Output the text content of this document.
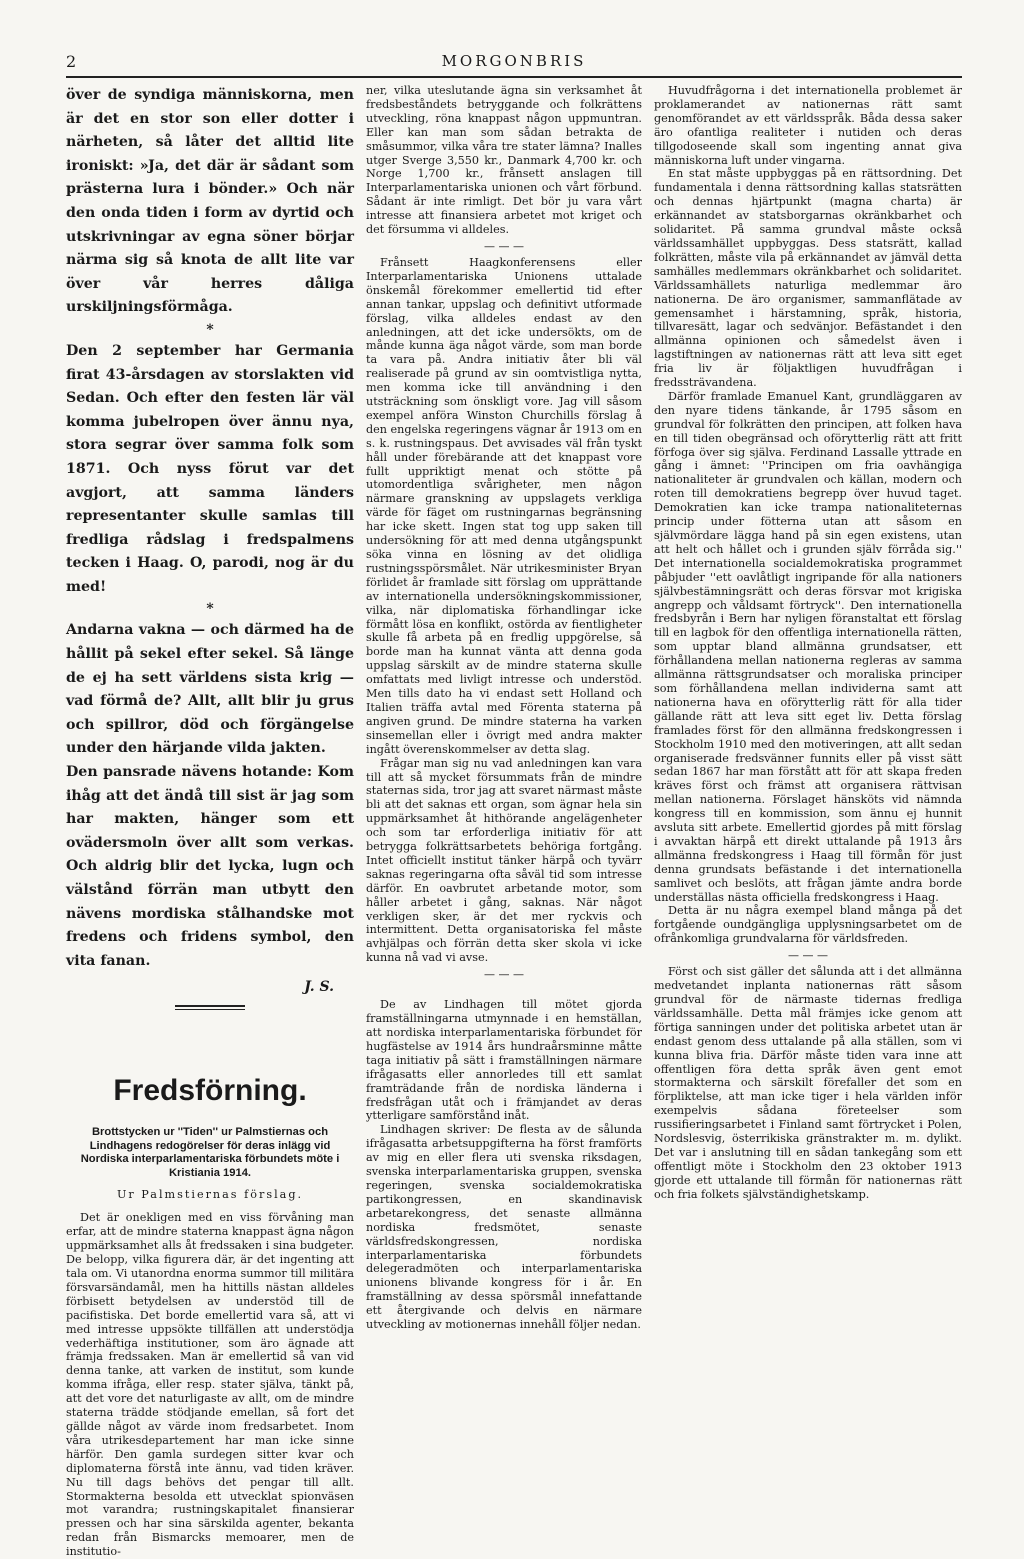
2	MORGONBRIS

över de syndiga människorna, men är det en stor son eller dotter i närheten, så låter det alltid lite ironiskt: »Ja, det där är sådant som prästerna lura i bönder.» Och när den onda tiden i form av dyrtid och utskrivningar av egna söner börjar närma sig så knota de allt lite var över vår herres dåliga urskiljningsförmåga.

*

Den 2 september har Germania firat 43-årsdagen av storslakten vid Sedan. Och efter den festen lär väl komma jubelropen över ännu nya, stora segrar över samma folk som 1871. Och nyss förut var det avgjort, att samma länders representanter skulle samlas till fredliga rådslag i fredspalmens tecken i Haag. O, parodi, nog är du med!

*

Andarna vakna — och därmed ha de hållit på sekel efter sekel. Så länge de ej ha sett världens sista krig — vad förmå de? Allt, allt blir ju grus och spillror, död och förgängelse under den härjande vilda jakten.

Den pansrade nävens hotande: Kom ihåg att det ändå till sist är jag som har makten, hänger som ett ovädersmoln över allt som verkas. Och aldrig blir det lycka, lugn och välstånd förrän man utbytt den nävens mordiska stålhandske mot fredens och fridens symbol, den vita fanan.

J. S.
Fredsförning.
Brottstycken ur ''Tiden'' ur Palmstiernas och Lindhagens redogörelser för deras inlägg vid Nordiska interparlamentariska förbundets möte i Kristiania 1914.
Ur Palmstiernas förslag.

Det är onekligen med en viss förvåning man erfar, att de mindre staterna knappast ägna någon uppmärksamhet alls åt fredssaken i sina budgeter. De belopp, vilka figurera där, är det ingenting att tala om. Vi utanordna enorma summor till militära försvarsändamål, men ha hittills nästan alldeles förbisett betydelsen av understöd till de pacifistiska. Det borde emellertid vara så, att vi med intresse uppsökte tillfällen att understödja vederhäftiga institutioner, som äro ägnade att främja fredssaken. Man är emellertid så van vid denna tanke, att varken de institut, som kunde komma ifråga, eller resp. stater själva, tänkt på, att det vore det naturligaste av allt, om de mindre staterna trädde stödjande emellan, så fort det gällde något av värde inom fredsarbetet. Inom våra utrikesdepartement har man icke sinne härför. Den gamla surdegen sitter kvar och diplomaterna förstå inte ännu, vad tiden kräver. Nu till dags behövs det pengar till allt. Stormakterna besolda ett utvecklat spionväsen mot varandra; rustningskapitalet finansierar pressen och har sina särskilda agenter, bekanta redan från Bismarcks memoarer, men de institutio-

ner, vilka uteslutande ägna sin verksamhet åt fredsbeståndets betryggande och folkrättens utveckling, röna knappast någon uppmuntran. Eller kan man som sådan betrakta de småsummor, vilka våra tre stater lämna? Inalles utger Sverge 3,550 kr., Danmark 4,700 kr. och Norge 1,700 kr., frånsett anslagen till Interparlamentariska unionen och vårt förbund. Sådant är inte rimligt. Det bör ju vara vårt intresse att finansiera arbetet mot kriget och det försumma vi alldeles.

— — —

Frånsett Haagkonferensens eller Interparlamentariska Unionens uttalade önskemål förekommer emellertid tid efter annan tankar, uppslag och definitivt utformade förslag, vilka alldeles endast av den anledningen, att det icke undersökts, om de månde kunna äga något värde, som man borde ta vara på. Andra initiativ åter bli väl realiserade på grund av sin oomtvistliga nytta, men komma icke till användning i den utsträckning som önskligt vore. Jag vill såsom exempel anföra Winston Churchills förslag å den engelska regeringens vägnar år 1913 om en s. k. rustningspaus. Det avvisades väl från tyskt håll under förebärande att det knappast vore fullt uppriktigt menat och stötte på utomordentliga svårigheter, men någon närmare granskning av uppslagets verkliga värde för fäget om rustningarnas begränsning har icke skett. Ingen stat tog upp saken till undersökning för att med denna utgångspunkt söka vinna en lösning av det olidliga rustningsspörsmålet. När utrikesminister Bryan förlidet år framlade sitt förslag om upprättande av internationella undersökningskommissioner, vilka, när diplomatiska förhandlingar icke förmått lösa en konflikt, ostörda av fientligheter skulle få arbeta på en fredlig uppgörelse, så borde man ha kunnat vänta att denna goda uppslag särskilt av de mindre staterna skulle omfattats med livligt intresse och understöd. Men tills dato ha vi endast sett Holland och Italien träffa avtal med Förenta staterna på angiven grund. De mindre staterna ha varken sinsemellan eller i övrigt med andra makter ingått överenskommelser av detta slag.

Frågar man sig nu vad anledningen kan vara till att så mycket försummats från de mindre staternas sida, tror jag att svaret närmast måste bli att det saknas ett organ, som ägnar hela sin uppmärksamhet åt hithörande angelägenheter och som tar erforderliga initiativ för att betrygga folkrättsarbetets behöriga fortgång. Intet officiellt institut tänker härpå och tyvärr saknas regeringarna ofta såväl tid som intresse därför. En oavbrutet arbetande motor, som håller arbetet i gång, saknas. När något verkligen sker, är det mer ryckvis och intermittent. Detta organisatoriska fel måste avhjälpas och förrän detta sker skola vi icke kunna nå vad vi avse.

— — —

De av Lindhagen till mötet gjorda framställningarna utmynnade i en hemställan, att nordiska interparlamentariska förbundet för hugfästelse av 1914 års hundraårsminne måtte taga initiativ på sätt i framställningen närmare ifrågasatts eller annorledes till ett samlat framträdande från de nordiska länderna i fredsfrågan utåt och i främjandet av deras ytterligare samförstånd inåt.

Lindhagen skriver: De flesta av de sålunda ifrågasatta arbetsuppgifterna ha först framförts av mig en eller flera uti svenska riksdagen, svenska interparlamentariska gruppen, svenska regeringen, svenska socialdemokratiska partikongressen, en skandinavisk arbetarekongress, det senaste allmänna nordiska fredsmötet, senaste världsfredskongressen, nordiska interparlamentariska förbundets delegeradmöten och interparlamentariska unionens blivande kongress för i år. En framställning av dessa spörsmål innefattande ett återgivande och delvis en närmare utveckling av motionernas innehåll följer nedan.

Huvudfrågorna i det internationella problemet är proklamerandet av nationernas rätt samt genomförandet av ett världsspråk. Båda dessa saker äro ofantliga realiteter i nutiden och deras tillgodoseende skall som ingenting annat giva människorna luft under vingarna.

En stat måste uppbyggas på en rättsordning. Det fundamentala i denna rättsordning kallas statsrätten och dennas hjärtpunkt (magna charta) är erkännandet av statsborgarnas okränkbarhet och solidaritet. På samma grundval måste också världssamhället uppbyggas. Dess statsrätt, kallad folkrätten, måste vila på erkännandet av jämväl detta samhälles medlemmars okränkbarhet och solidaritet. Världssamhällets naturliga medlemmar äro nationerna. De äro organismer, sammanflätade av gemensamhet i härstamning, språk, historia, tillvaresätt, lagar och sedvänjor. Befästandet i den allmänna opinionen och såmedelst även i lagstiftningen av nationernas rätt att leva sitt eget fria liv är följaktligen huvudfrågan i fredssträvandena.

Därför framlade Emanuel Kant, grundläggaren av den nyare tidens tänkande, år 1795 såsom en grundval för folkrätten den principen, att folken hava en till tiden obegränsad och oförytterlig rätt att fritt förfoga över sig själva. Ferdinand Lassalle yttrade en gång i ämnet: ''Principen om fria oavhängiga nationaliteter är grundvalen och källan, modern och roten till demokratiens begrepp över huvud taget. Demokratien kan icke trampa nationaliteternas princip under fötterna utan att såsom en självmördare lägga hand på sin egen existens, utan att helt och hållet och i grunden själv förråda sig.'' Det internationella socialdemokratiska programmet påbjuder ''ett oavlåtligt ingripande för alla nationers självbestämningsrätt och deras försvar mot krigiska angrepp och våldsamt förtryck''. Den internationella fredsbyrån i Bern har nyligen föranstaltat ett förslag till en lagbok för den offentliga internationella rätten, som upptar bland allmänna grundsatser, ett förhållandena mellan nationerna regleras av samma allmänna rättsgrundsatser och moraliska principer som förhållandena mellan individerna samt att nationerna hava en oförytterlig rätt för alla tider gällande rätt att leva sitt eget liv. Detta förslag framlades först för den allmänna fredskongressen i Stockholm 1910 med den motiveringen, att allt sedan organiserade fredsvänner funnits eller på visst sätt sedan 1867 har man förstått att för att skapa freden kräves först och främst att organisera rättvisan mellan nationerna. Förslaget hänsköts vid nämnda kongress till en kommission, som ännu ej hunnit avsluta sitt arbete. Emellertid gjordes på mitt förslag i avvaktan härpå ett direkt uttalande på 1913 års allmänna fredskongress i Haag till förmån för just denna grundsats befästande i det internationella samlivet och beslöts, att frågan jämte andra borde underställas nästa officiella fredskongress i Haag.

Detta är nu några exempel bland många på det fortgående oundgängliga upplysningsarbetet om de ofrånkomliga grundvalarna för världsfreden.

— — —

Först och sist gäller det sålunda att i det allmänna medvetandet inplanta nationernas rätt såsom grundval för de närmaste tidernas fredliga världssamhälle. Detta mål främjes icke genom att förtiga sanningen under det politiska arbetet utan är endast genom dess uttalande på alla ställen, som vi kunna bliva fria. Därför måste tiden vara inne att offentligen föra detta språk även gent emot stormakterna och särskilt förefaller det som en förpliktelse, att man icke tiger i hela världen inför exempelvis sådana företeelser som russifieringsarbetet i Finland samt förtrycket i Polen, Nordslesvig, österrikiska gränstrakter m. m. dylikt. Det var i anslutning till en sådan tankegång som ett offentligt möte i Stockholm den 23 oktober 1913 gjorde ett uttalande till förmån för nationernas rätt och fria folkets självständighetskamp.
